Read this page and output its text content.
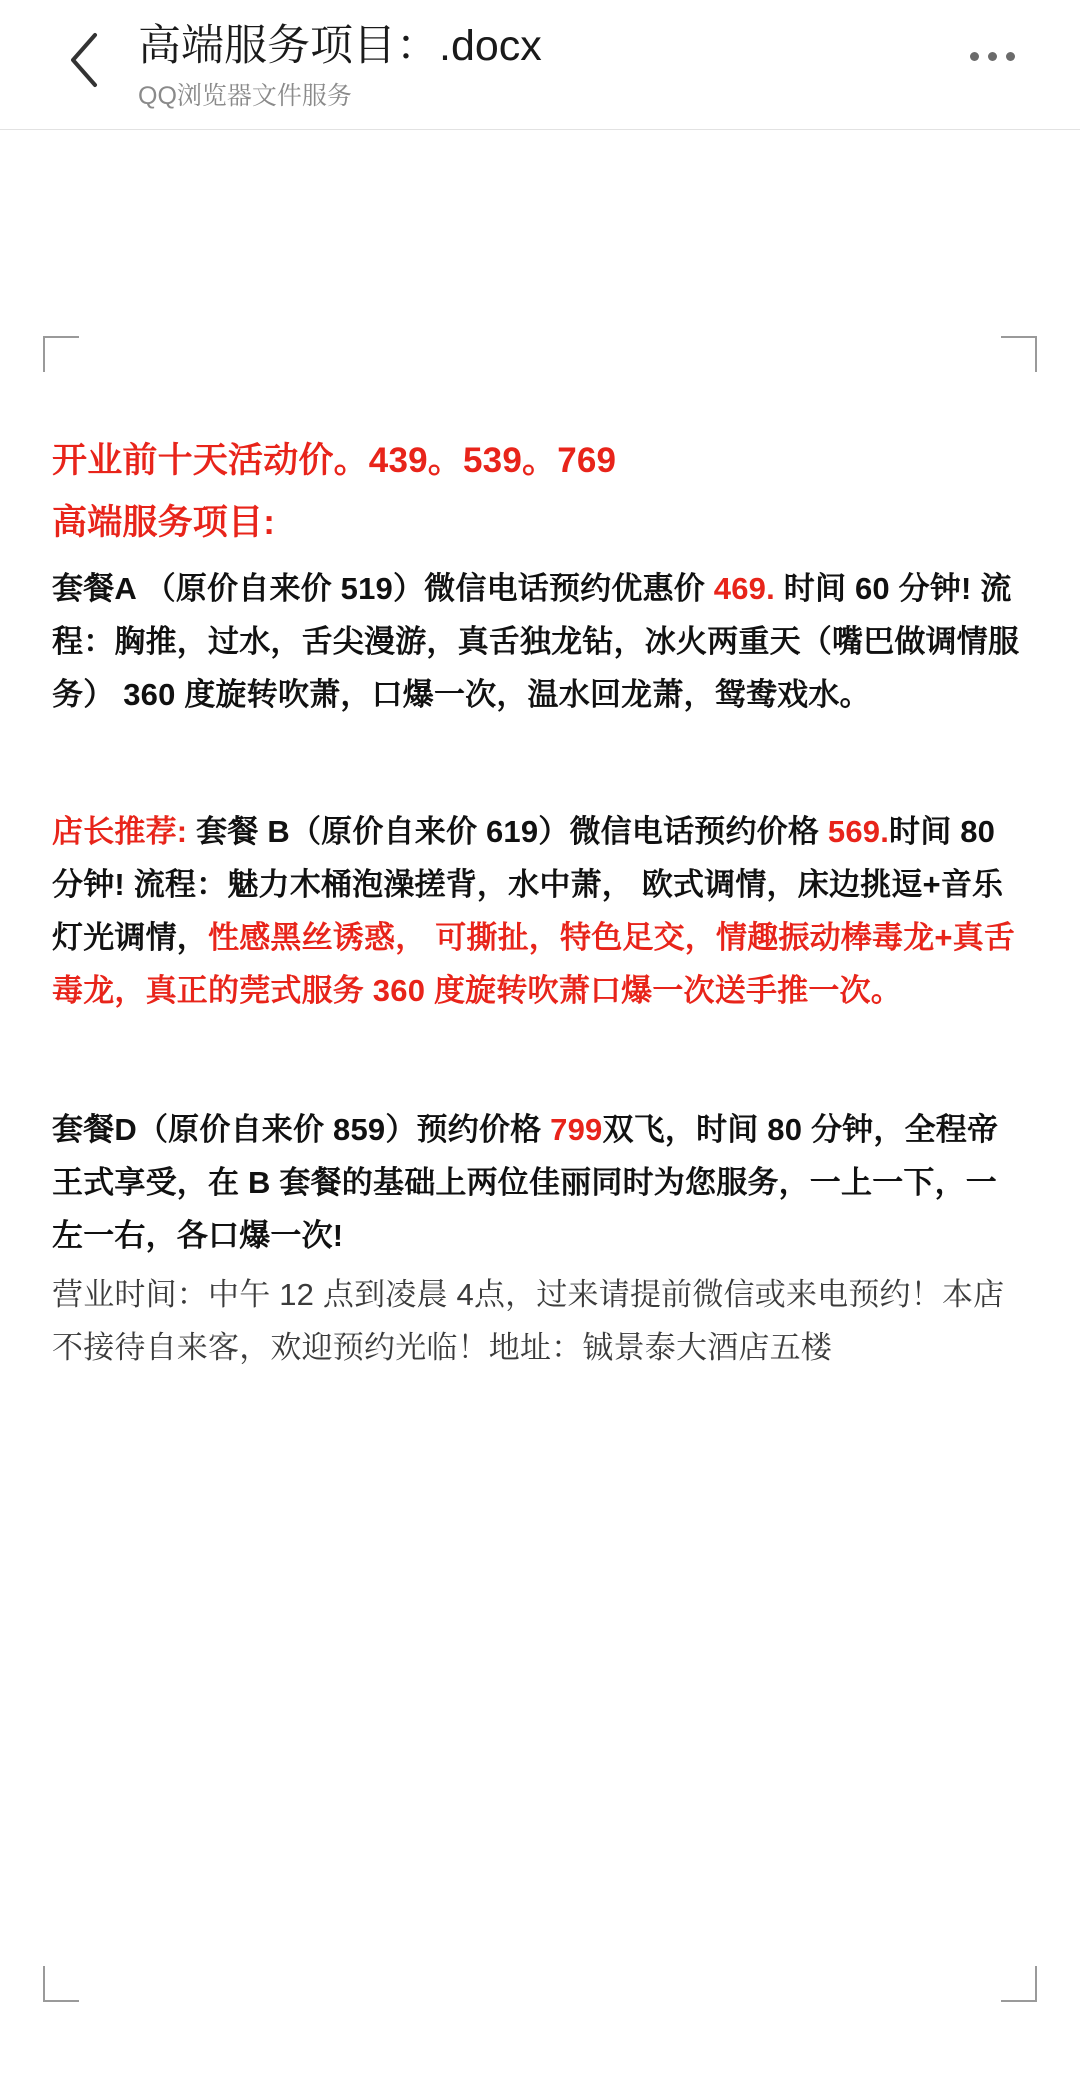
高端服务项目：.docx
QQ浏览器文件服务

开业前十天活动价。439。539。769

高端服务项目:

套餐A （原价自来价 519）微信电话预约优惠价 469. 时间 60 分钟! 流程：胸推，过水，舌尖漫游，真舌独龙钻，冰火两重天（嘴巴做调情服务） 360 度旋转吹萧，口爆一次，温水回龙萧，鸳鸯戏水。

店长推荐: 套餐 B（原价自来价 619）微信电话预约价格 569.时间 80 分钟! 流程：魅力木桶泡澡搓背，水中萧， 欧式调情，床边挑逗+音乐灯光调情，性感黑丝诱惑， 可撕扯，特色足交，情趣振动棒毒龙+真舌毒龙，真正的莞式服务 360 度旋转吹萧口爆一次送手推一次。

套餐D（原价自来价 859）预约价格 799双飞，时间 80 分钟，全程帝王式享受，在 B 套餐的基础上两位佳丽同时为您服务，一上一下，一左一右，各口爆一次!

营业时间：中午 12 点到凌晨 4点，过来请提前微信或来电预约！本店不接待自来客，欢迎预约光临！地址：铖景泰大酒店五楼
